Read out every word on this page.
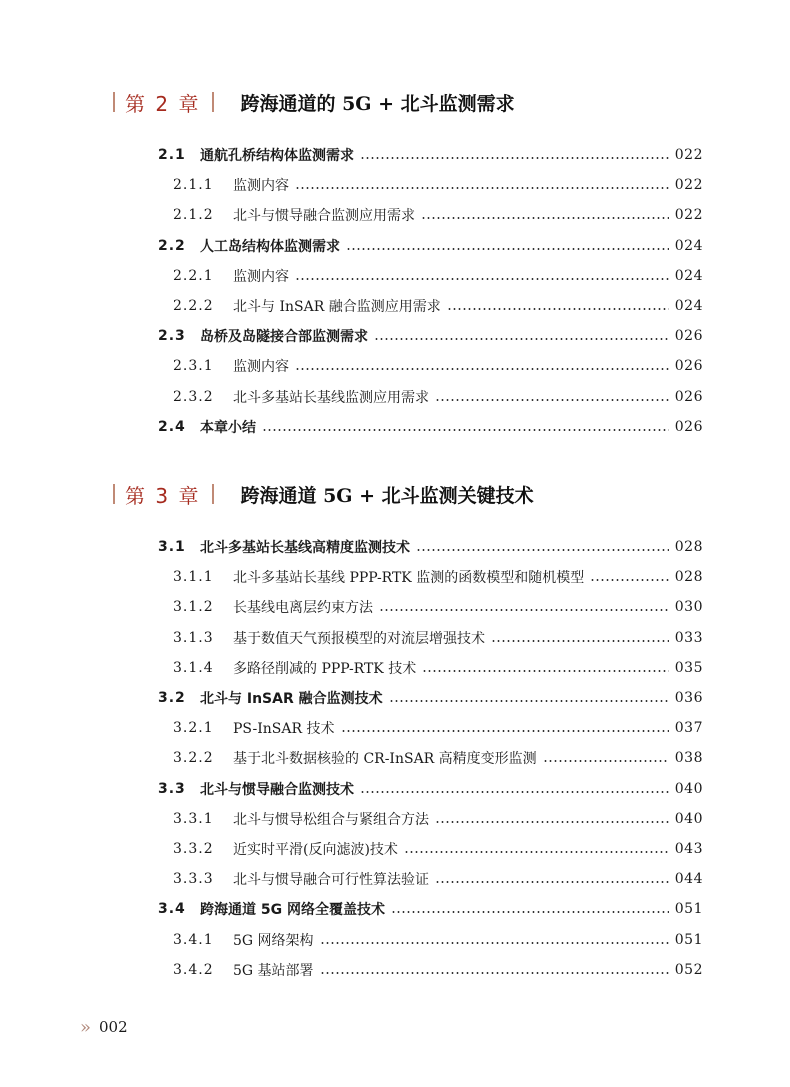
第 2 章	跨海通道的 5G + 北斗监测需求
2.1	通航孔桥结构体监测需求	022
2.1.1	监测内容	022
2.1.2	北斗与惯导融合监测应用需求	022
2.2	人工岛结构体监测需求	024
2.2.1	监测内容	024
2.2.2	北斗与 InSAR 融合监测应用需求	024
2.3	岛桥及岛隧接合部监测需求	026
2.3.1	监测内容	026
2.3.2	北斗多基站长基线监测应用需求	026
2.4	本章小结	026
第 3 章	跨海通道 5G + 北斗监测关键技术
3.1	北斗多基站长基线高精度监测技术	028
3.1.1	北斗多基站长基线 PPP-RTK 监测的函数模型和随机模型	028
3.1.2	长基线电离层约束方法	030
3.1.3	基于数值天气预报模型的对流层增强技术	033
3.1.4	多路径削减的 PPP-RTK 技术	035
3.2	北斗与 InSAR 融合监测技术	036
3.2.1	PS-InSAR 技术	037
3.2.2	基于北斗数据核验的 CR-InSAR 高精度变形监测	038
3.3	北斗与惯导融合监测技术	040
3.3.1	北斗与惯导松组合与紧组合方法	040
3.3.2	近实时平滑(反向滤波)技术	043
3.3.3	北斗与惯导融合可行性算法验证	044
3.4	跨海通道 5G 网络全覆盖技术	051
3.4.1	5G 网络架构	051
3.4.2	5G 基站部署	052
» 002
